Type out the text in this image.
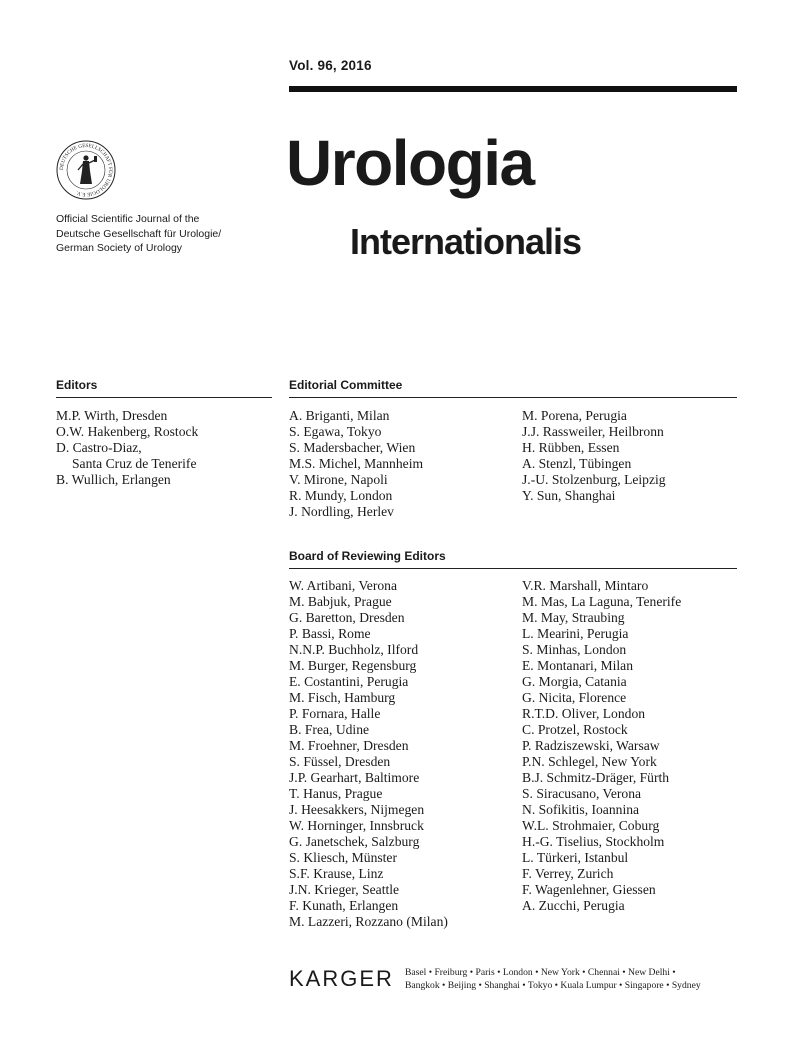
Vol. 96, 2016
DEUTSCHE GESELLSCHAFT FÜR UROLOGIE E.V.
Official Scientific Journal of the
Deutsche Gesellschaft für Urologie/
German Society of Urology
Urologia
Internationalis
Editors
M.P. Wirth, Dresden
O.W. Hakenberg, Rostock
D. Castro-Diaz,
Santa Cruz de Tenerife
B. Wullich, Erlangen
Editorial Committee
A. Briganti, Milan
S. Egawa, Tokyo
S. Madersbacher, Wien
M.S. Michel, Mannheim
V. Mirone, Napoli
R. Mundy, London
J. Nordling, Herlev
M. Porena, Perugia
J.J. Rassweiler, Heilbronn
H. Rübben, Essen
A. Stenzl, Tübingen
J.-U. Stolzenburg, Leipzig
Y. Sun, Shanghai
Board of Reviewing Editors
W. Artibani, Verona
M. Babjuk, Prague
G. Baretton, Dresden
P. Bassi, Rome
N.N.P. Buchholz, Ilford
M. Burger, Regensburg
E. Costantini, Perugia
M. Fisch, Hamburg
P. Fornara, Halle
B. Frea, Udine
M. Froehner, Dresden
S. Füssel, Dresden
J.P. Gearhart, Baltimore
T. Hanus, Prague
J. Heesakkers, Nijmegen
W. Horninger, Innsbruck
G. Janetschek, Salzburg
S. Kliesch, Münster
S.F. Krause, Linz
J.N. Krieger, Seattle
F. Kunath, Erlangen
M. Lazzeri, Rozzano (Milan)
V.R. Marshall, Mintaro
M. Mas, La Laguna, Tenerife
M. May, Straubing
L. Mearini, Perugia
S. Minhas, London
E. Montanari, Milan
G. Morgia, Catania
G. Nicita, Florence
R.T.D. Oliver, London
C. Protzel, Rostock
P. Radziszewski, Warsaw
P.N. Schlegel, New York
B.J. Schmitz-Dräger, Fürth
S. Siracusano, Verona
N. Sofikitis, Ioannina
W.L. Strohmaier, Coburg
H.-G. Tiselius, Stockholm
L. Türkeri, Istanbul
F. Verrey, Zurich
F. Wagenlehner, Giessen
A. Zucchi, Perugia
KARGER Basel • Freiburg • Paris • London • New York • Chennai • New Delhi •
Bangkok • Beijing • Shanghai • Tokyo • Kuala Lumpur • Singapore • Sydney
